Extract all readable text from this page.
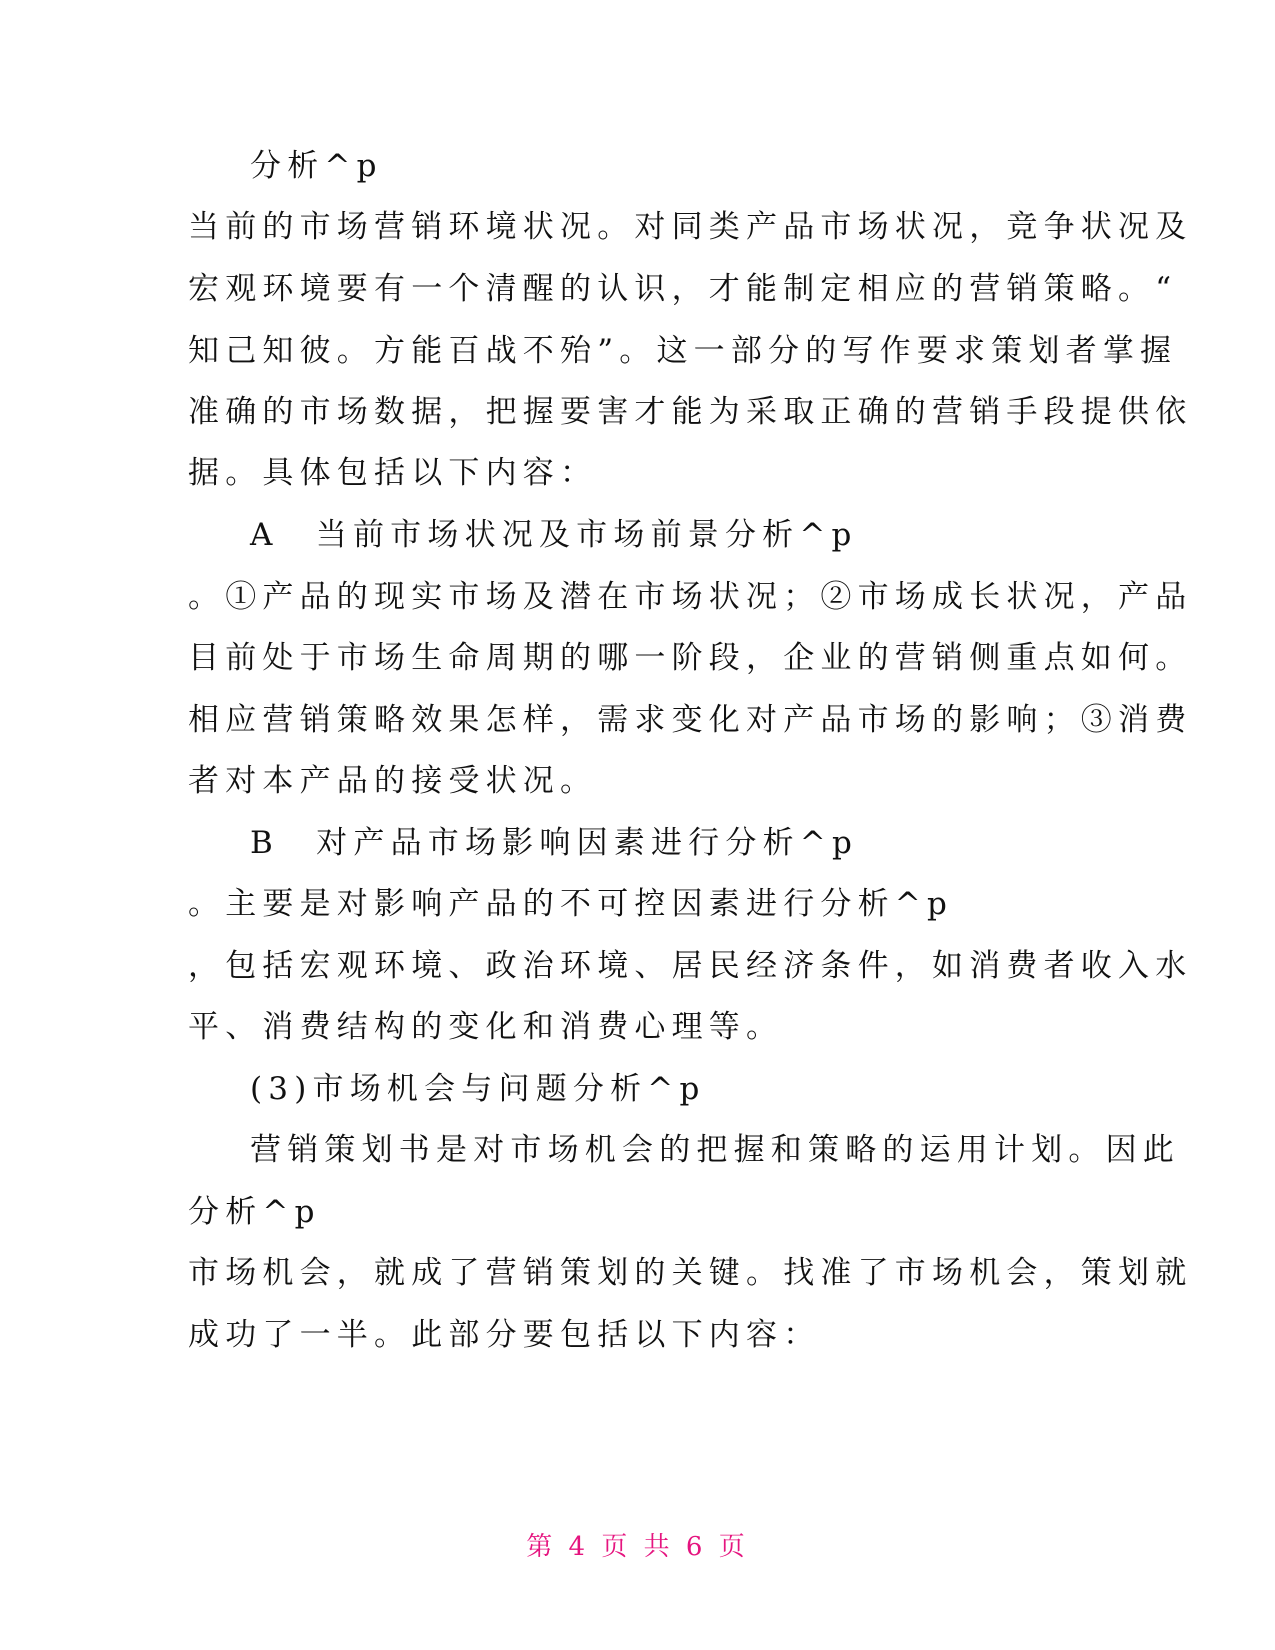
分析^p
当前的市场营销环境状况。对同类产品市场状况，竞争状况及
宏观环境要有一个清醒的认识，才能制定相应的营销策略。“
知己知彼。方能百战不殆”。这一部分的写作要求策划者掌握
准确的市场数据，把握要害才能为采取正确的营销手段提供依
据。具体包括以下内容：
A　当前市场状况及市场前景分析^p
。①产品的现实市场及潜在市场状况；②市场成长状况，产品
目前处于市场生命周期的哪一阶段，企业的营销侧重点如何。
相应营销策略效果怎样，需求变化对产品市场的影响；③消费
者对本产品的接受状况。
B　对产品市场影响因素进行分析^p
。主要是对影响产品的不可控因素进行分析^p
，包括宏观环境、政治环境、居民经济条件，如消费者收入水
平、消费结构的变化和消费心理等。
(3)市场机会与问题分析^p
营销策划书是对市场机会的把握和策略的运用计划。因此
分析^p
市场机会，就成了营销策划的关键。找准了市场机会，策划就
成功了一半。此部分要包括以下内容：
第 4 页 共 6 页
